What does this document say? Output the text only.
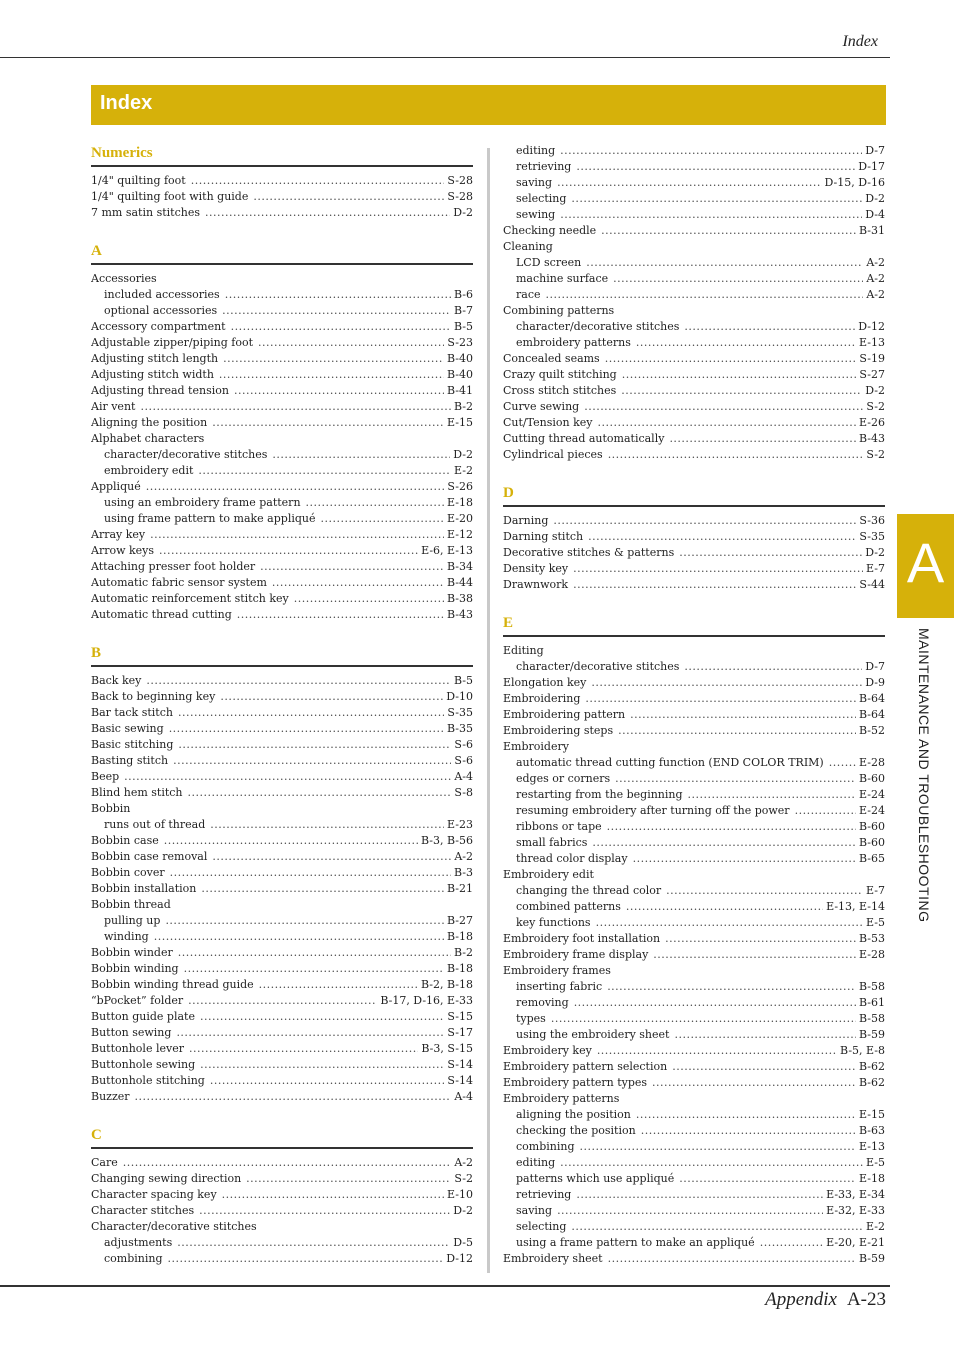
Index
Index
Numerics
1/4" quilting foot .....	S-28
1/4" quilting foot with guide .....	S-28
7 mm satin stitches .....	D-2
A
Accessories
included accessories .....	B-6
optional accessories .....	B-7
Accessory compartment .....	B-5
Adjustable zipper/piping foot .....	S-23
Adjusting stitch length .....	B-40
Adjusting stitch width .....	B-40
Adjusting thread tension .....	B-41
Air vent .....	B-2
Aligning the position .....	E-15
Alphabet characters
character/decorative stitches .....	D-2
embroidery edit .....	E-2
Appliqué .....	S-26
using an embroidery frame pattern .....	E-18
using frame pattern to make appliqué .....	E-20
Array key .....	E-12
Arrow keys .....	E-6, E-13
Attaching presser foot holder .....	B-34
Automatic fabric sensor system .....	B-44
Automatic reinforcement stitch key .....	B-38
Automatic thread cutting .....	B-43
B
Back key .....	B-5
Back to beginning key .....	D-10
Bar tack stitch .....	S-35
Basic sewing .....	B-35
Basic stitching .....	S-6
Basting stitch .....	S-6
Beep .....	A-4
Blind hem stitch .....	S-8
Bobbin
runs out of thread .....	E-23
Bobbin case .....	B-3, B-56
Bobbin case removal .....	A-2
Bobbin cover .....	B-3
Bobbin installation .....	B-21
Bobbin thread
pulling up .....	B-27
winding .....	B-18
Bobbin winder .....	B-2
Bobbin winding .....	B-18
Bobbin winding thread guide .....	B-2, B-18
“bPocket” folder .....	B-17, D-16, E-33
Button guide plate .....	S-15
Button sewing .....	S-17
Buttonhole lever .....	B-3, S-15
Buttonhole sewing .....	S-14
Buttonhole stitching .....	S-14
Buzzer .....	A-4
C
Care .....	A-2
Changing sewing direction .....	S-2
Character spacing key .....	E-10
Character stitches .....	D-2
Character/decorative stitches
adjustments .....	D-5
combining .....	D-12
editing .....	D-7
retrieving .....	D-17
saving .....	D-15, D-16
selecting .....	D-2
sewing .....	D-4
Checking needle .....	B-31
Cleaning
LCD screen .....	A-2
machine surface .....	A-2
race .....	A-2
Combining patterns
character/decorative stitches .....	D-12
embroidery patterns .....	E-13
Concealed seams .....	S-19
Crazy quilt stitching .....	S-27
Cross stitch stitches .....	D-2
Curve sewing .....	S-2
Cut/Tension key .....	E-26
Cutting thread automatically .....	B-43
Cylindrical pieces .....	S-2
D
Darning .....	S-36
Darning stitch .....	S-35
Decorative stitches & patterns .....	D-2
Density key .....	E-7
Drawnwork .....	S-44
E
Editing
character/decorative stitches .....	D-7
Elongation key .....	D-9
Embroidering .....	B-64
Embroidering pattern .....	B-64
Embroidering steps .....	B-52
Embroidery
automatic thread cutting function (END COLOR TRIM) .....	E-28
edges or corners .....	B-60
restarting from the beginning .....	E-24
resuming embroidery after turning off the power .....	E-24
ribbons or tape .....	B-60
small fabrics .....	B-60
thread color display .....	B-65
Embroidery edit
changing the thread color .....	E-7
combined patterns .....	E-13, E-14
key functions .....	E-5
Embroidery foot installation .....	B-53
Embroidery frame display .....	E-28
Embroidery frames
inserting fabric .....	B-58
removing .....	B-61
types .....	B-58
using the embroidery sheet .....	B-59
Embroidery key .....	B-5, E-8
Embroidery pattern selection .....	B-62
Embroidery pattern types .....	B-62
Embroidery patterns
aligning the position .....	E-15
checking the position .....	B-63
combining .....	E-13
editing .....	E-5
patterns which use appliqué .....	E-18
retrieving .....	E-33, E-34
saving .....	E-32, E-33
selecting .....	E-2
using a frame pattern to make an appliqué .....	E-20, E-21
Embroidery sheet .....	B-59
A
MAINTENANCE AND TROUBLESHOOTING
Appendix A-23
